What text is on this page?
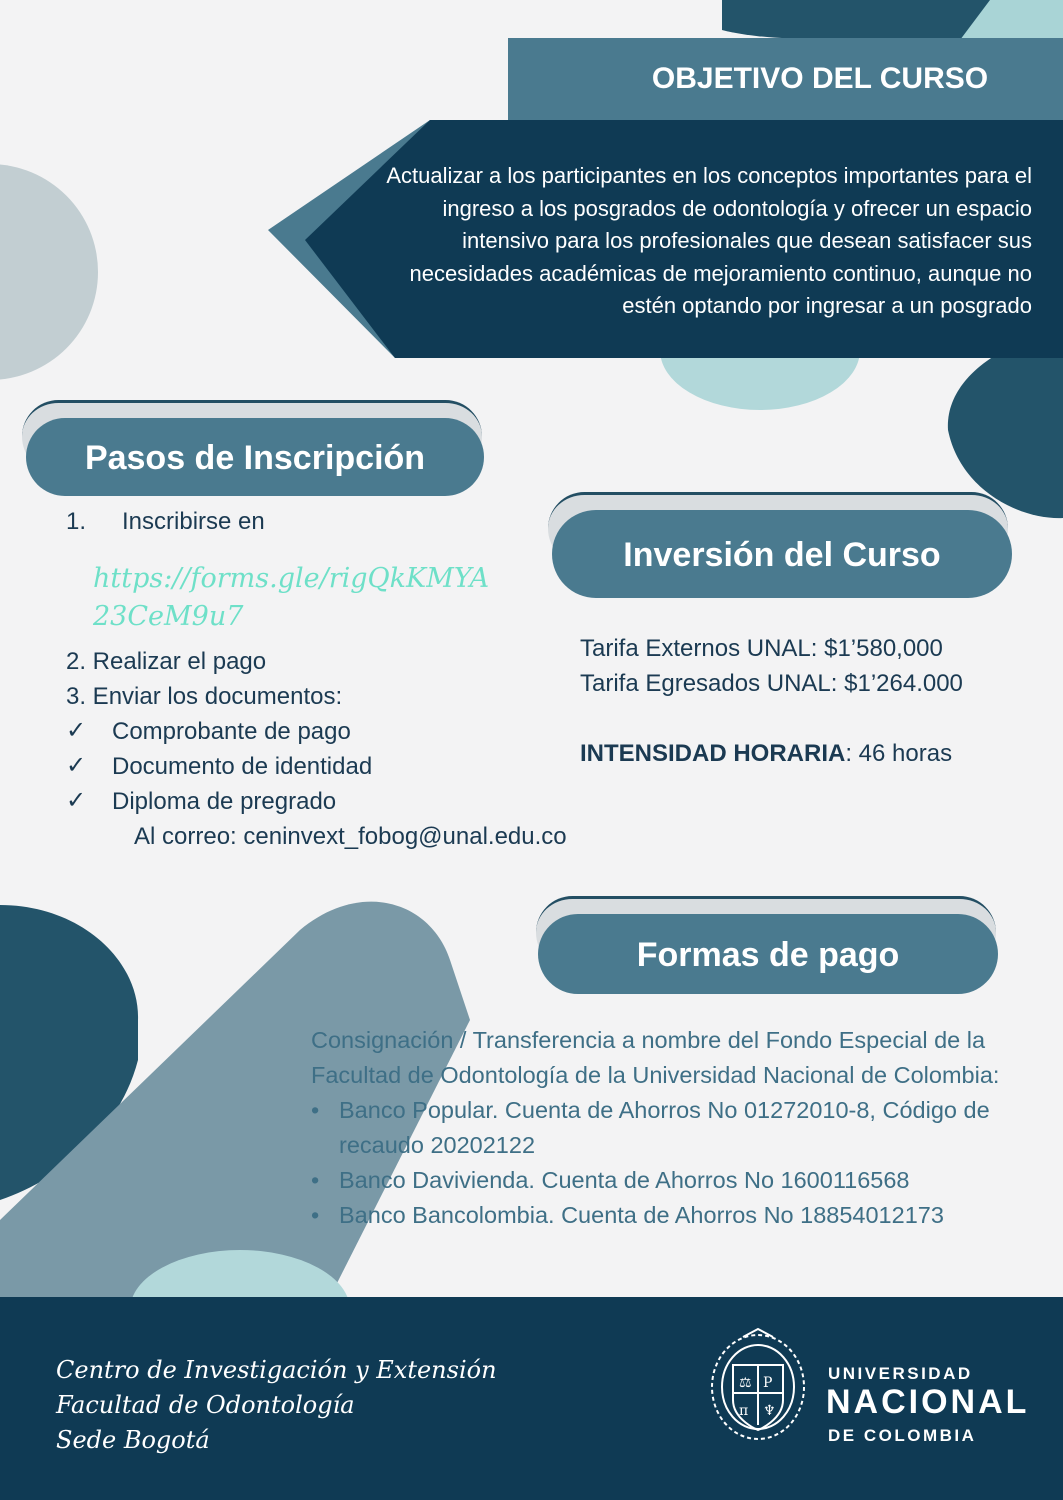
OBJETIVO DEL CURSO
Actualizar a los participantes en los conceptos importantes para el ingreso a los posgrados de odontología y ofrecer un espacio intensivo para los profesionales que desean satisfacer sus necesidades académicas de mejoramiento continuo, aunque no estén optando por ingresar a un posgrado
Pasos de Inscripción
1. Inscribirse en
https://forms.gle/rigQkKMYA
23CeM9u7
2. Realizar el pago
3. Enviar los documentos:
✓ Comprobante de pago
✓ Documento de identidad
✓ Diploma de pregrado
Al correo: ceninvext_fobog@unal.edu.co
Inversión del Curso
Tarifa Externos UNAL: $1’580,000
Tarifa Egresados UNAL: $1’264.000
INTENSIDAD HORARIA: 46 horas
Formas de pago
Consignación / Transferencia a nombre del Fondo Especial de la Facultad de Odontología de la Universidad Nacional de Colombia:
• Banco Popular. Cuenta de Ahorros No 01272010-8, Código de recaudo 20202122
• Banco Davivienda. Cuenta de Ahorros No 1600116568
• Banco Bancolombia. Cuenta de Ahorros No 18854012173
Centro de Investigación y Extensión
Facultad de Odontología
Sede Bogotá
⚖ P
π ♆
UNIVERSIDAD
NACIONAL
DE COLOMBIA
